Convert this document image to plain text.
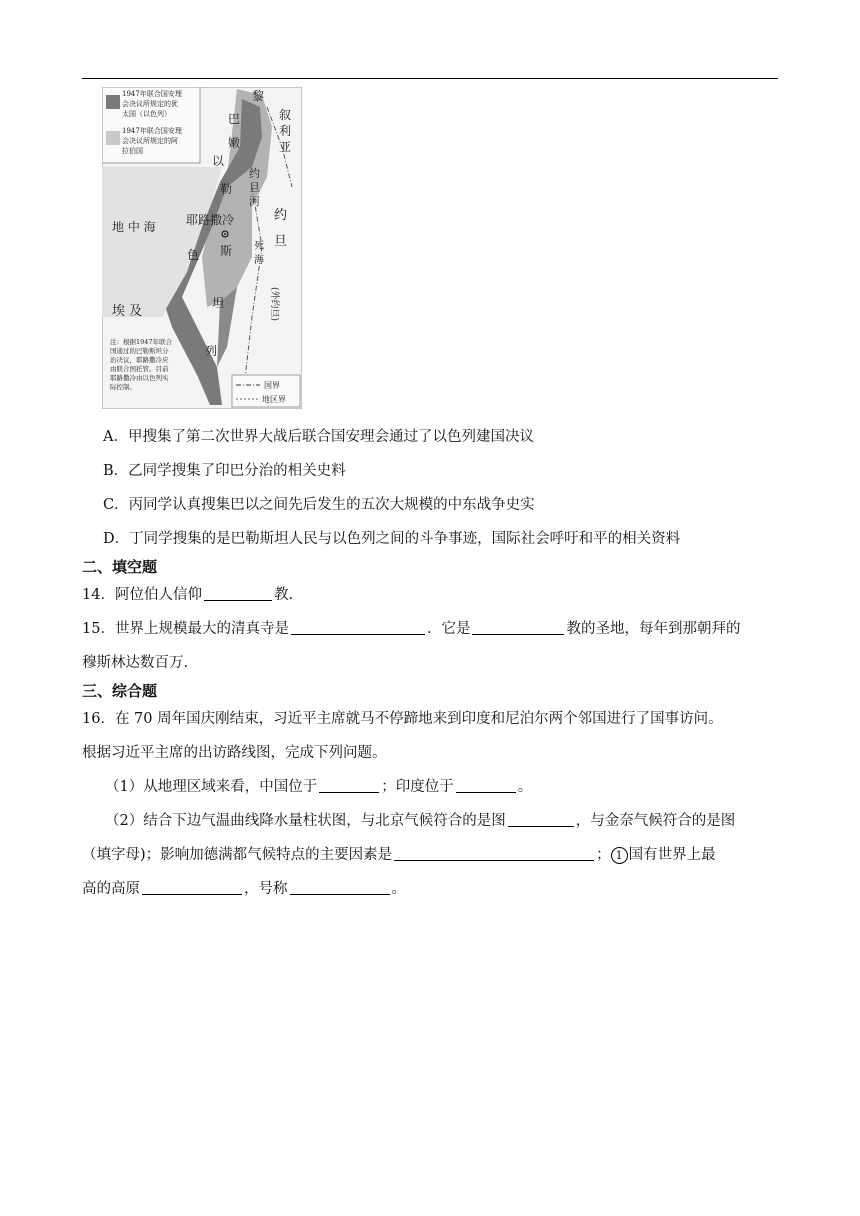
1947年联合国安理
会决议所规定的犹
太国（以色列）
1947年联合国安理
会决议所规定的阿
拉伯国
黎
巴
嫩
叙
利
亚
约
旦
河
约
旦
(外约旦)
地 中 海	耶路撒冷
死
海
以
勒
斯
色
坦
列
埃 及
注：根据1947年联合
国通过的巴勒斯坦分
治决议，耶路撒冷应
由联合国托管。目前
耶路撒冷由以色列实
际控制。	国界
地区界
A．甲搜集了第二次世界大战后联合国安理会通过了以色列建国决议
B．乙同学搜集了印巴分治的相关史料
C．丙同学认真搜集巴以之间先后发生的五次大规模的中东战争史实
D．丁同学搜集的是巴勒斯坦人民与以色列之间的斗争事迹，国际社会呼吁和平的相关资料
二、填空题
14．阿位伯人信仰	教.
15．世界上规模最大的清真寺是	．它是	教的圣地，每年到那朝拜的
穆斯林达数百万.
三、综合题
16．在 70 周年国庆刚结束，习近平主席就马不停蹄地来到印度和尼泊尔两个邻国进行了国事访问。
根据习近平主席的出访路线图，完成下列问题。
（1）从地理区域来看，中国位于	；印度位于	。
（2）结合下边气温曲线降水量柱状图，与北京气候符合的是图	，与金奈气候符合的是图
（填字母)；影响加德满都气候特点的主要因素是	； 1 国有世界上最
高的高原	，号称	。
